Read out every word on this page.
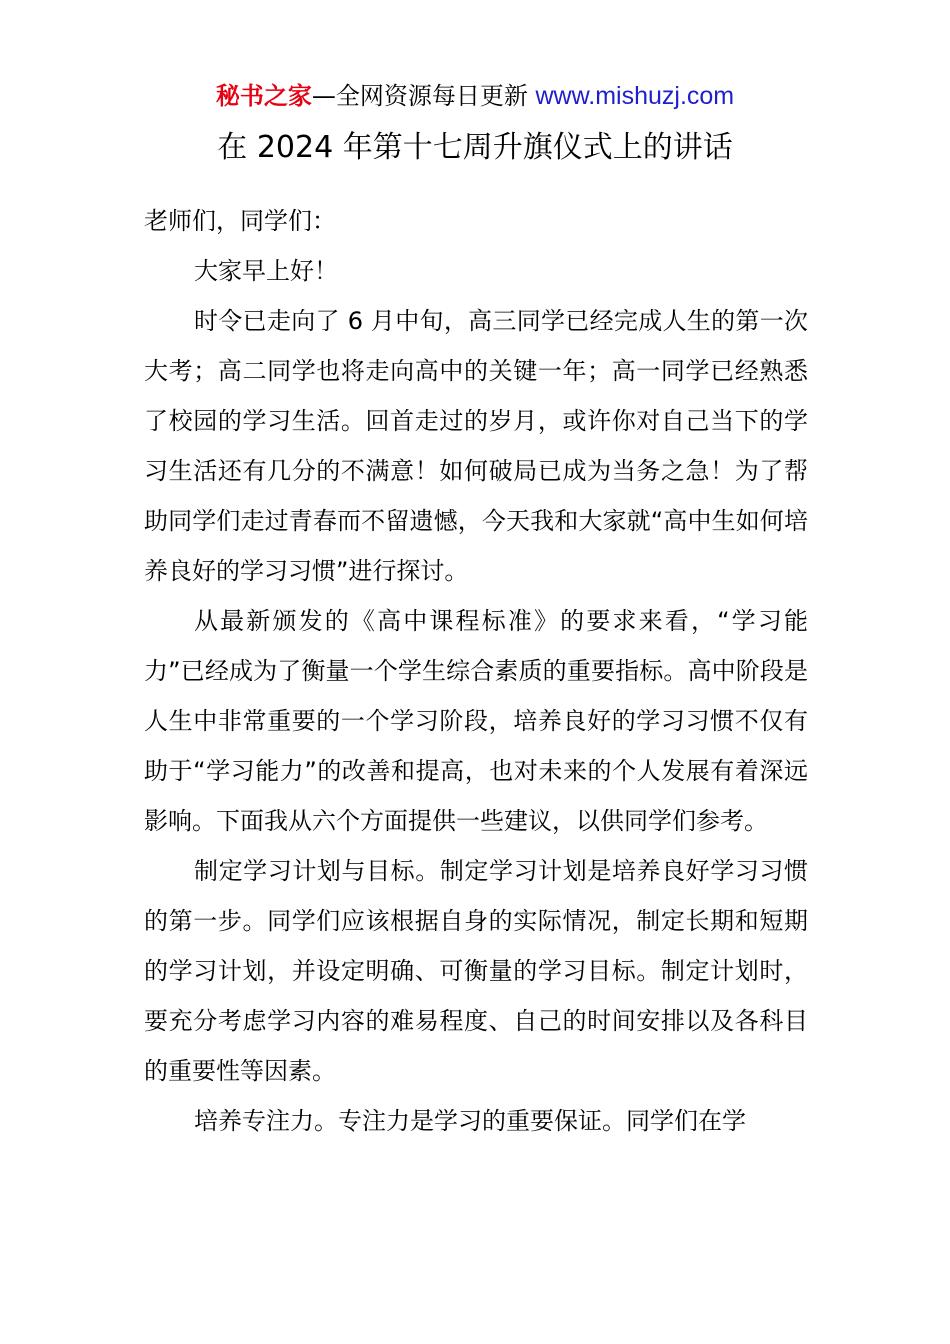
秘书之家—全网资源每日更新 www.mishuzj.com
在 2024 年第十七周升旗仪式上的讲话

老师们，同学们：

大家早上好！

时令已走向了 6 月中旬，高三同学已经完成人生的第一次大考；高二同学也将走向高中的关键一年；高一同学已经熟悉了校园的学习生活。回首走过的岁月，或许你对自己当下的学习生活还有几分的不满意！如何破局已成为当务之急！为了帮助同学们走过青春而不留遗憾，今天我和大家就“高中生如何培养良好的学习习惯”进行探讨。

从最新颁发的《高中课程标准》的要求来看，“学习能力”已经成为了衡量一个学生综合素质的重要指标。高中阶段是人生中非常重要的一个学习阶段，培养良好的学习习惯不仅有助于“学习能力”的改善和提高，也对未来的个人发展有着深远影响。下面我从六个方面提供一些建议，以供同学们参考。

制定学习计划与目标。制定学习计划是培养良好学习习惯的第一步。同学们应该根据自身的实际情况，制定长期和短期的学习计划，并设定明确、可衡量的学习目标。制定计划时，要充分考虑学习内容的难易程度、自己的时间安排以及各科目的重要性等因素。

培养专注力。专注力是学习的重要保证。同学们在学
